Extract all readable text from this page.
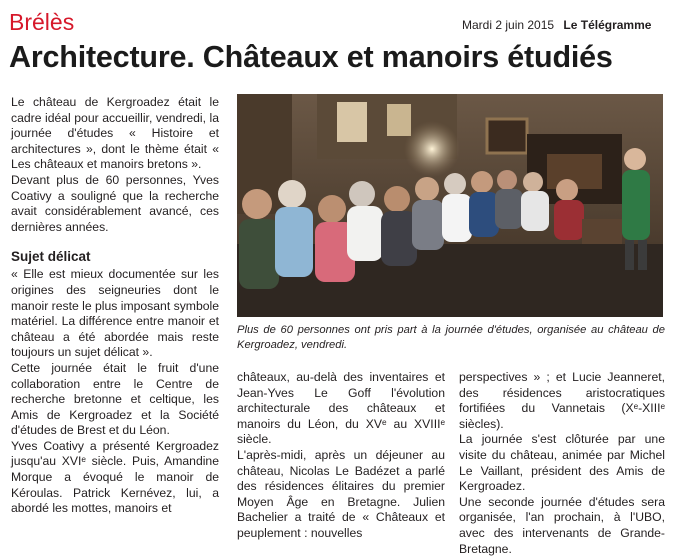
Brélès	Mardi 2 juin 2015 Le Télégramme
Architecture. Châteaux et manoirs étudiés

Le château de Kergroadez était le cadre idéal pour accueillir, vendredi, la journée d'études « Histoire et architectures », dont le thème était « Les châteaux et manoirs bretons ».

Devant plus de 60 personnes, Yves Coativy a souligné que la recherche avait considérablement avancé, ces dernières années.

Sujet délicat

« Elle est mieux documentée sur les origines des seigneuries dont le manoir reste le plus imposant symbole matériel. La différence entre manoir et château a été abordée mais reste toujours un sujet délicat ».

Cette journée était le fruit d'une collaboration entre le Centre de recherche bretonne et celtique, les Amis de Kergroadez et la Société d'études de Brest et du Léon.

Yves Coativy a présenté Kergroadez jusqu'au XVIᵉ siècle. Puis, Amandine Morque a évoqué le manoir de Kéroulas. Patrick Kernévez, lui, a abordé les mottes, manoirs et

Plus de 60 personnes ont pris part à la journée d'études, organisée au château de Kergroadez, vendredi.

châteaux, au-delà des inventaires et Jean-Yves Le Goff l'évolution architecturale des châteaux et manoirs du Léon, du XVᵉ au XVIIIᵉ siècle.

L'après-midi, après un déjeuner au château, Nicolas Le Badézet a parlé des résidences élitaires du premier Moyen Âge en Bretagne. Julien Bachelier a traité de « Châteaux et peuplement : nouvelles

perspectives » ; et Lucie Jeanneret, des résidences aristocratiques fortifiées du Vannetais (Xᵉ-XIIIᵉ siècles).

La journée s'est clôturée par une visite du château, animée par Michel Le Vaillant, président des Amis de Kergroadez.

Une seconde journée d'études sera organisée, l'an prochain, à l'UBO, avec des intervenants de Grande-Bretagne.
